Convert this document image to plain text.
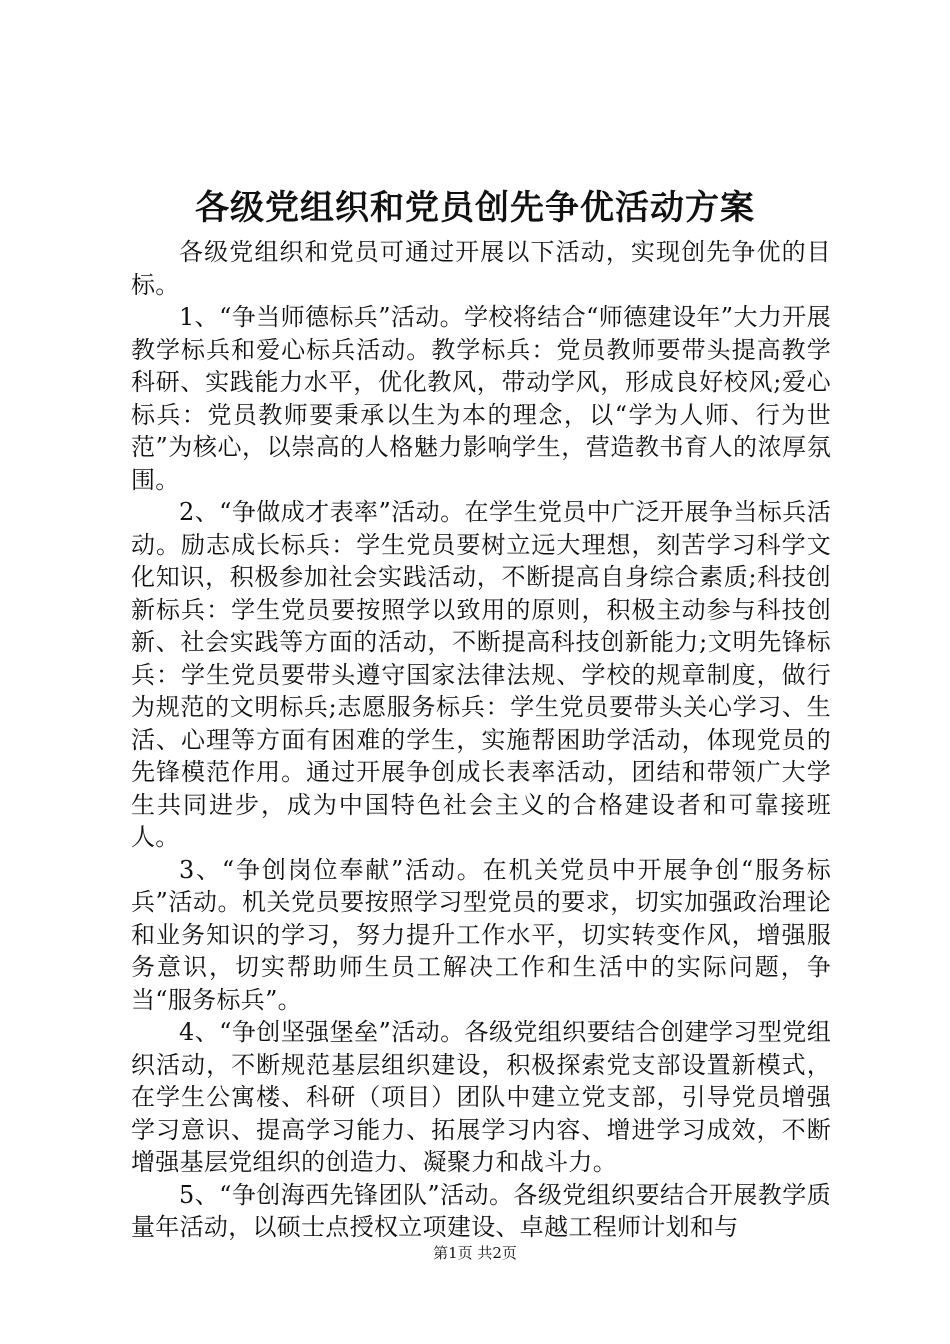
各级党组织和党员创先争优活动方案

各级党组织和党员可通过开展以下活动，实现创先争优的目标。

1、“争当师德标兵”活动。学校将结合“师德建设年”大力开展教学标兵和爱心标兵活动。教学标兵：党员教师要带头提高教学科研、实践能力水平，优化教风，带动学风，形成良好校风;爱心标兵：党员教师要秉承以生为本的理念，以“学为人师、行为世范”为核心，以崇高的人格魅力影响学生，营造教书育人的浓厚氛围。

2、“争做成才表率”活动。在学生党员中广泛开展争当标兵活动。励志成长标兵：学生党员要树立远大理想，刻苦学习科学文化知识，积极参加社会实践活动，不断提高自身综合素质;科技创新标兵：学生党员要按照学以致用的原则，积极主动参与科技创新、社会实践等方面的活动，不断提高科技创新能力;文明先锋标兵：学生党员要带头遵守国家法律法规、学校的规章制度，做行为规范的文明标兵;志愿服务标兵：学生党员要带头关心学习、生活、心理等方面有困难的学生，实施帮困助学活动，体现党员的先锋模范作用。通过开展争创成长表率活动，团结和带领广大学生共同进步，成为中国特色社会主义的合格建设者和可靠接班人。

3、“争创岗位奉献”活动。在机关党员中开展争创“服务标兵”活动。机关党员要按照学习型党员的要求，切实加强政治理论和业务知识的学习，努力提升工作水平，切实转变作风，增强服务意识，切实帮助师生员工解决工作和生活中的实际问题，争当“服务标兵”。

4、“争创坚强堡垒”活动。各级党组织要结合创建学习型党组织活动，不断规范基层组织建设，积极探索党支部设置新模式，在学生公寓楼、科研（项目）团队中建立党支部，引导党员增强学习意识、提高学习能力、拓展学习内容、增进学习成效，不断增强基层党组织的创造力、凝聚力和战斗力。

5、“争创海西先锋团队”活动。各级党组织要结合开展教学质量年活动，以硕士点授权立项建设、卓越工程师计划和与

第1页 共2页
